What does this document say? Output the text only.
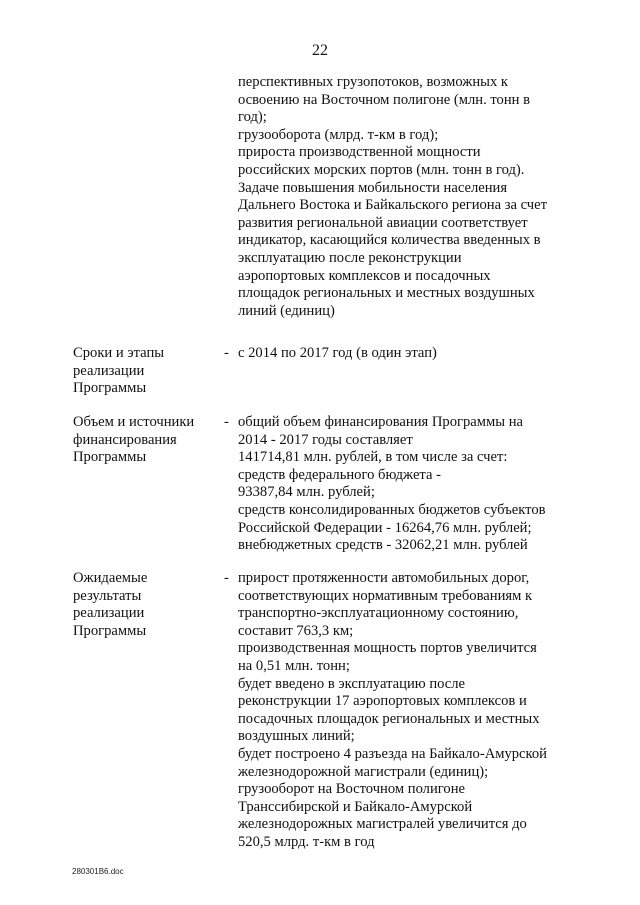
22
перспективных грузопотоков, возможных к
освоению на Восточном полигоне (млн. тонн в
год);
грузооборота (млрд. т-км в год);
прироста производственной мощности
российских морских портов (млн. тонн в год).
Задаче повышения мобильности населения
Дальнего Востока и Байкальского региона за счет
развития региональной авиации соответствует
индикатор, касающийся количества введенных в
эксплуатацию после реконструкции
аэропортовых комплексов и посадочных
площадок региональных и местных воздушных
линий (единиц)
Сроки и этапы
реализации
Программы
- с 2014 по 2017 год (в один этап)
Объем и источники
финансирования
Программы
- общий объем финансирования Программы на
2014 - 2017 годы составляет
141714,81 млн. рублей, в том числе за счет:
средств федерального бюджета -
93387,84 млн. рублей;
средств консолидированных бюджетов субъектов
Российской Федерации - 16264,76 млн. рублей;
внебюджетных средств - 32062,21 млн. рублей
Ожидаемые
результаты
реализации
Программы
- прирост протяженности автомобильных дорог,
соответствующих нормативным требованиям к
транспортно-эксплуатационному состоянию,
составит 763,3 км;
производственная мощность портов увеличится
на 0,51 млн. тонн;
будет введено в эксплуатацию после
реконструкции 17 аэропортовых комплексов и
посадочных площадок региональных и местных
воздушных линий;
будет построено 4 разъезда на Байкало-Амурской
железнодорожной магистрали (единиц);
грузооборот на Восточном полигоне
Транссибирской и Байкало-Амурской
железнодорожных магистралей увеличится до
520,5 млрд. т-км в год
280301B6.doc
